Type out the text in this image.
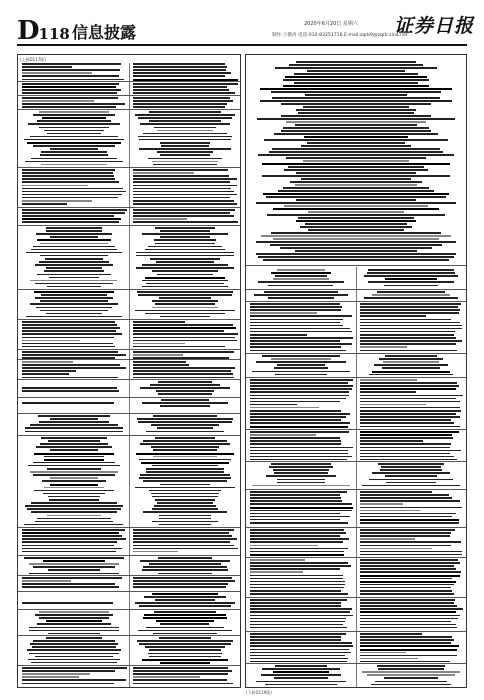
D118 信息披露	2020年6月20日 星期六
制作:王敬涛 电话:010-83251716 E-mail:zqrb9@zqrb.sina.net
证券日报
(上接D117版)
(下转D119版)
